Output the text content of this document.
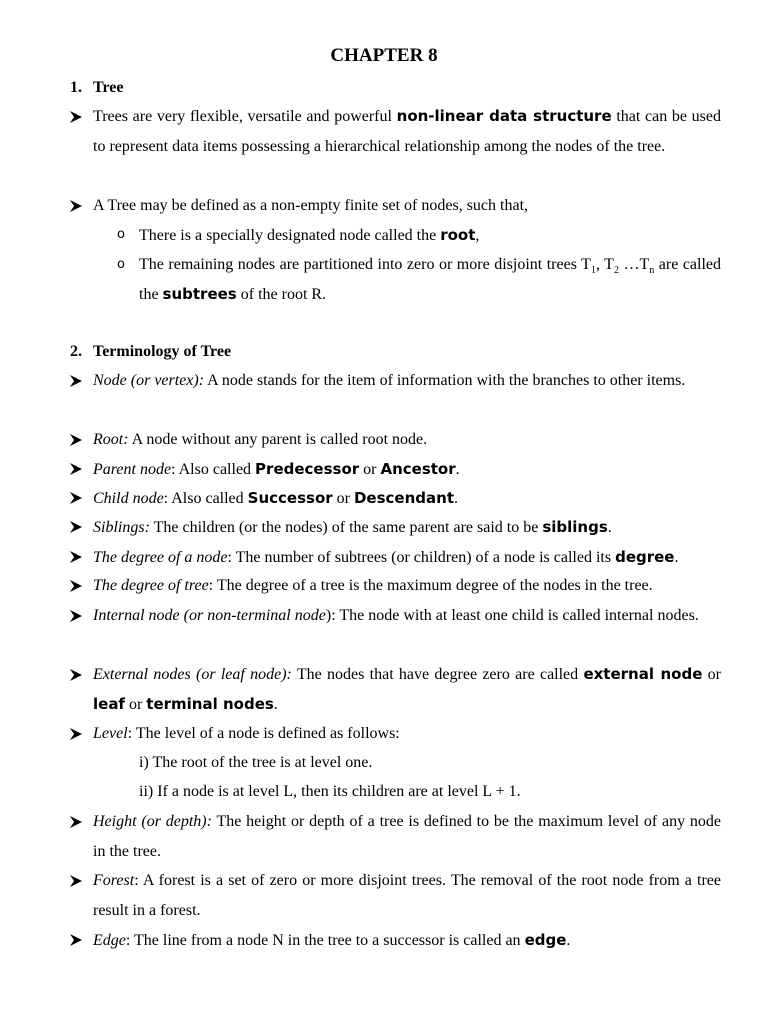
CHAPTER 8
1. Tree
Trees are very flexible, versatile and powerful non-linear data structure that can be used to represent data items possessing a hierarchical relationship among the nodes of the tree.
A Tree may be defined as a non-empty finite set of nodes, such that,
o There is a specially designated node called the root,
o The remaining nodes are partitioned into zero or more disjoint trees $T_1$, $T_2$ $\dots T_n$ are called the subtrees of the root R.
2. Terminology of Tree
Node (or vertex): A node stands for the item of information with the branches to other items.
Root: A node without any parent is called root node.
Parent node: Also called Predecessor or Ancestor.
Child node: Also called Successor or Descendant.
Siblings: The children (or the nodes) of the same parent are said to be siblings.
The degree of a node: The number of subtrees (or children) of a node is called its degree.
The degree of tree: The degree of a tree is the maximum degree of the nodes in the tree.
Internal node (or non-terminal node): The node with at least one child is called internal nodes.
External nodes (or leaf node): The nodes that have degree zero are called external node or leaf or terminal nodes.
Level: The level of a node is defined as follows:
i) The root of the tree is at level one.
ii) If a node is at level L, then its children are at level L + 1.
Height (or depth): The height or depth of a tree is defined to be the maximum level of any node in the tree.
Forest: A forest is a set of zero or more disjoint trees. The removal of the root node from a tree result in a forest.
Edge: The line from a node N in the tree to a successor is called an edge.
